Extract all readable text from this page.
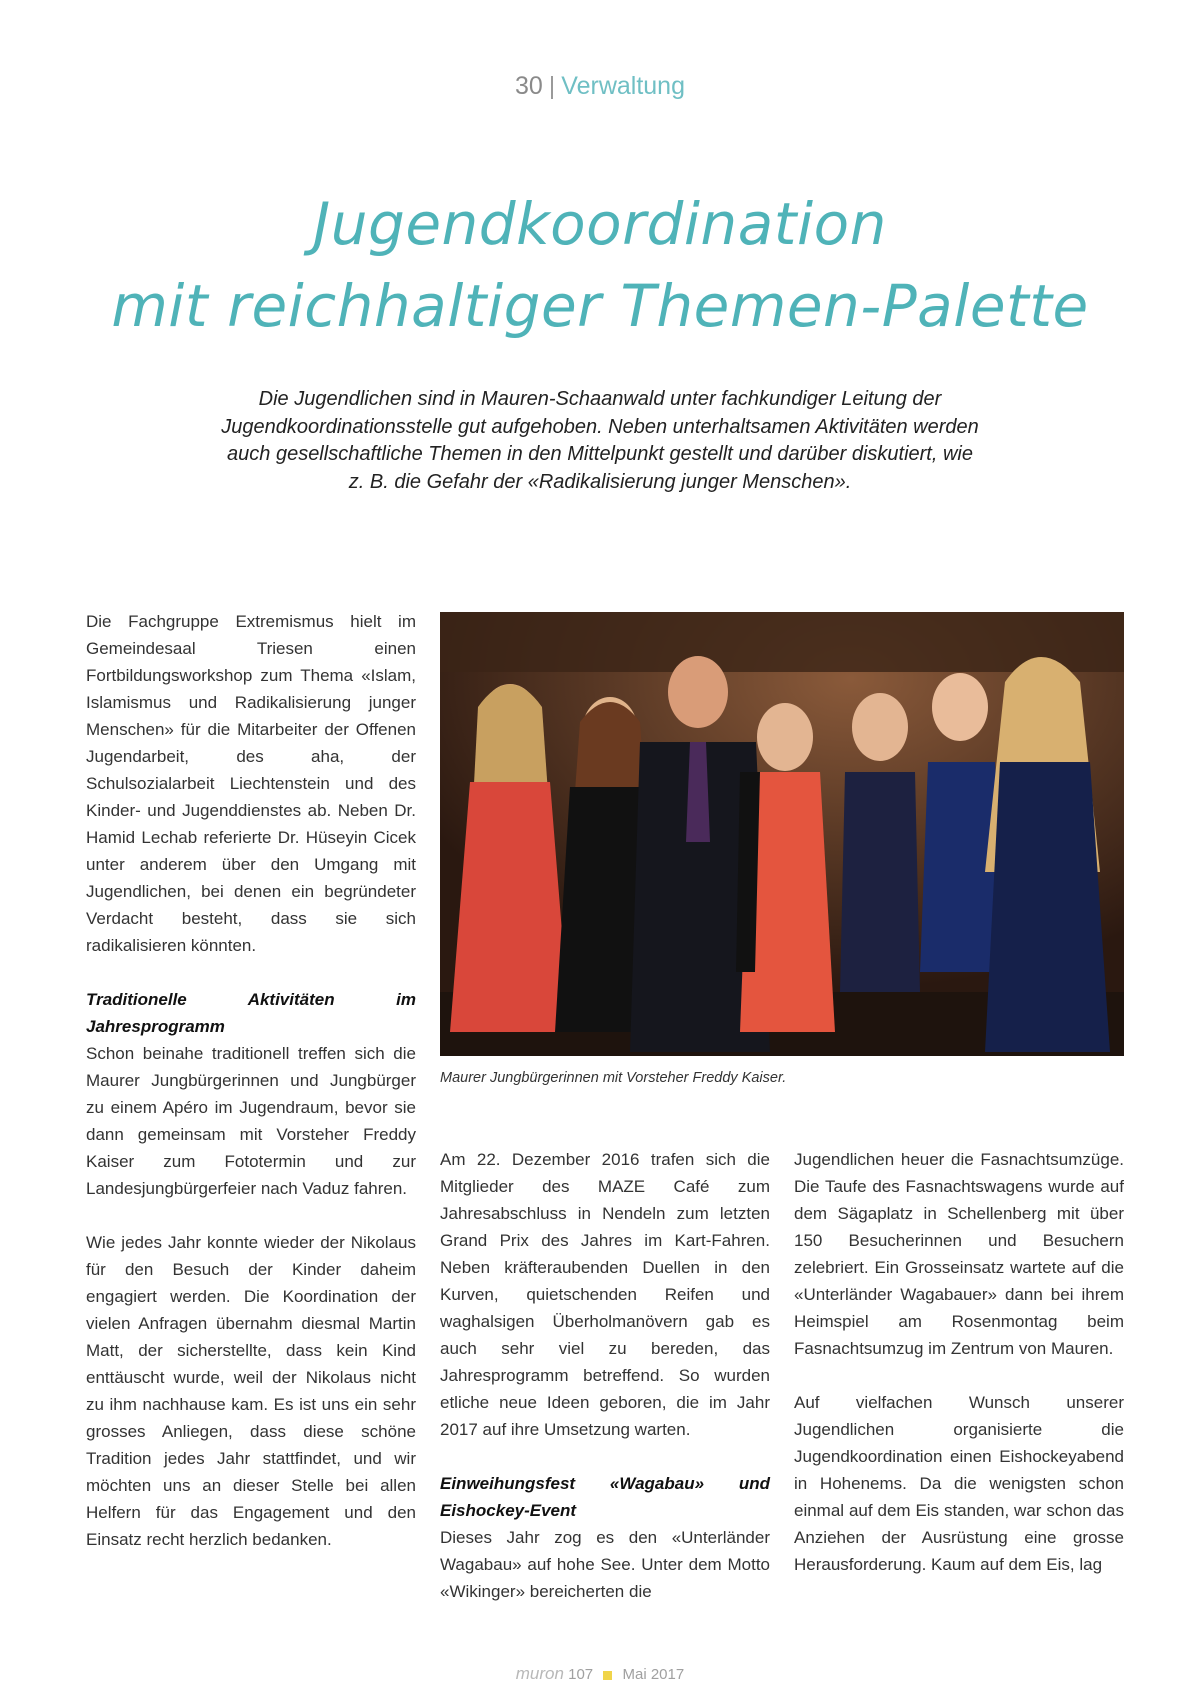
30 | Verwaltung
Jugendkoordination
mit reichhaltiger Themen-Palette

Die Jugendlichen sind in Mauren-Schaanwald unter fachkundiger Leitung der Jugendkoordinationsstelle gut aufgehoben. Neben unterhaltsamen Aktivitäten werden auch gesellschaftliche Themen in den Mittelpunkt gestellt und darüber diskutiert, wie z. B. die Gefahr der «Radikalisierung junger Menschen».

Die Fachgruppe Extremismus hielt im Gemeindesaal Triesen einen Fortbildungsworkshop zum Thema «Islam, Islamismus und Radikalisierung junger Menschen» für die Mitarbeiter der Offenen Jugendarbeit, des aha, der Schulsozialarbeit Liechtenstein und des Kinder- und Jugenddienstes ab. Neben Dr. Hamid Lechab referierte Dr. Hüseyin Cicek unter anderem über den Umgang mit Jugendlichen, bei denen ein begründeter Verdacht besteht, dass sie sich radikalisieren könnten.

Traditionelle Aktivitäten im Jahresprogramm

Schon beinahe traditionell treffen sich die Maurer Jungbürgerinnen und Jungbürger zu einem Apéro im Jugendraum, bevor sie dann gemeinsam mit Vorsteher Freddy Kaiser zum Fototermin und zur Landesjungbürgerfeier nach Vaduz fahren.

Wie jedes Jahr konnte wieder der Nikolaus für den Besuch der Kinder daheim engagiert werden. Die Koordination der vielen Anfragen übernahm diesmal Martin Matt, der sicherstellte, dass kein Kind enttäuscht wurde, weil der Nikolaus nicht zu ihm nachhause kam. Es ist uns ein sehr grosses Anliegen, dass diese schöne Tradition jedes Jahr stattfindet, und wir möchten uns an dieser Stelle bei allen Helfern für das Engagement und den Einsatz recht herzlich bedanken.

Maurer Jungbürgerinnen mit Vorsteher Freddy Kaiser.

Am 22. Dezember 2016 trafen sich die Mitglieder des MAZE Café zum Jahresabschluss in Nendeln zum letzten Grand Prix des Jahres im Kart-Fahren. Neben kräfteraubenden Duellen in den Kurven, quietschenden Reifen und waghalsigen Überholmanövern gab es auch sehr viel zu bereden, das Jahresprogramm betreffend. So wurden etliche neue Ideen geboren, die im Jahr 2017 auf ihre Umsetzung warten.

Einweihungsfest «Wagabau» und Eishockey-Event

Dieses Jahr zog es den «Unterländer Wagabau» auf hohe See. Unter dem Motto «Wikinger» bereicherten die

Jugendlichen heuer die Fasnachtsumzüge. Die Taufe des Fasnachtswagens wurde auf dem Sägaplatz in Schellenberg mit über 150 Besucherinnen und Besuchern zelebriert. Ein Grosseinsatz wartete auf die «Unterländer Wagabauer» dann bei ihrem Heimspiel am Rosenmontag beim Fasnachtsumzug im Zentrum von Mauren.

Auf vielfachen Wunsch unserer Jugendlichen organisierte die Jugendkoordination einen Eishockeyabend in Hohenems. Da die wenigsten schon einmal auf dem Eis standen, war schon das Anziehen der Ausrüstung eine grosse Herausforderung. Kaum auf dem Eis, lag

muron 107 Mai 2017
